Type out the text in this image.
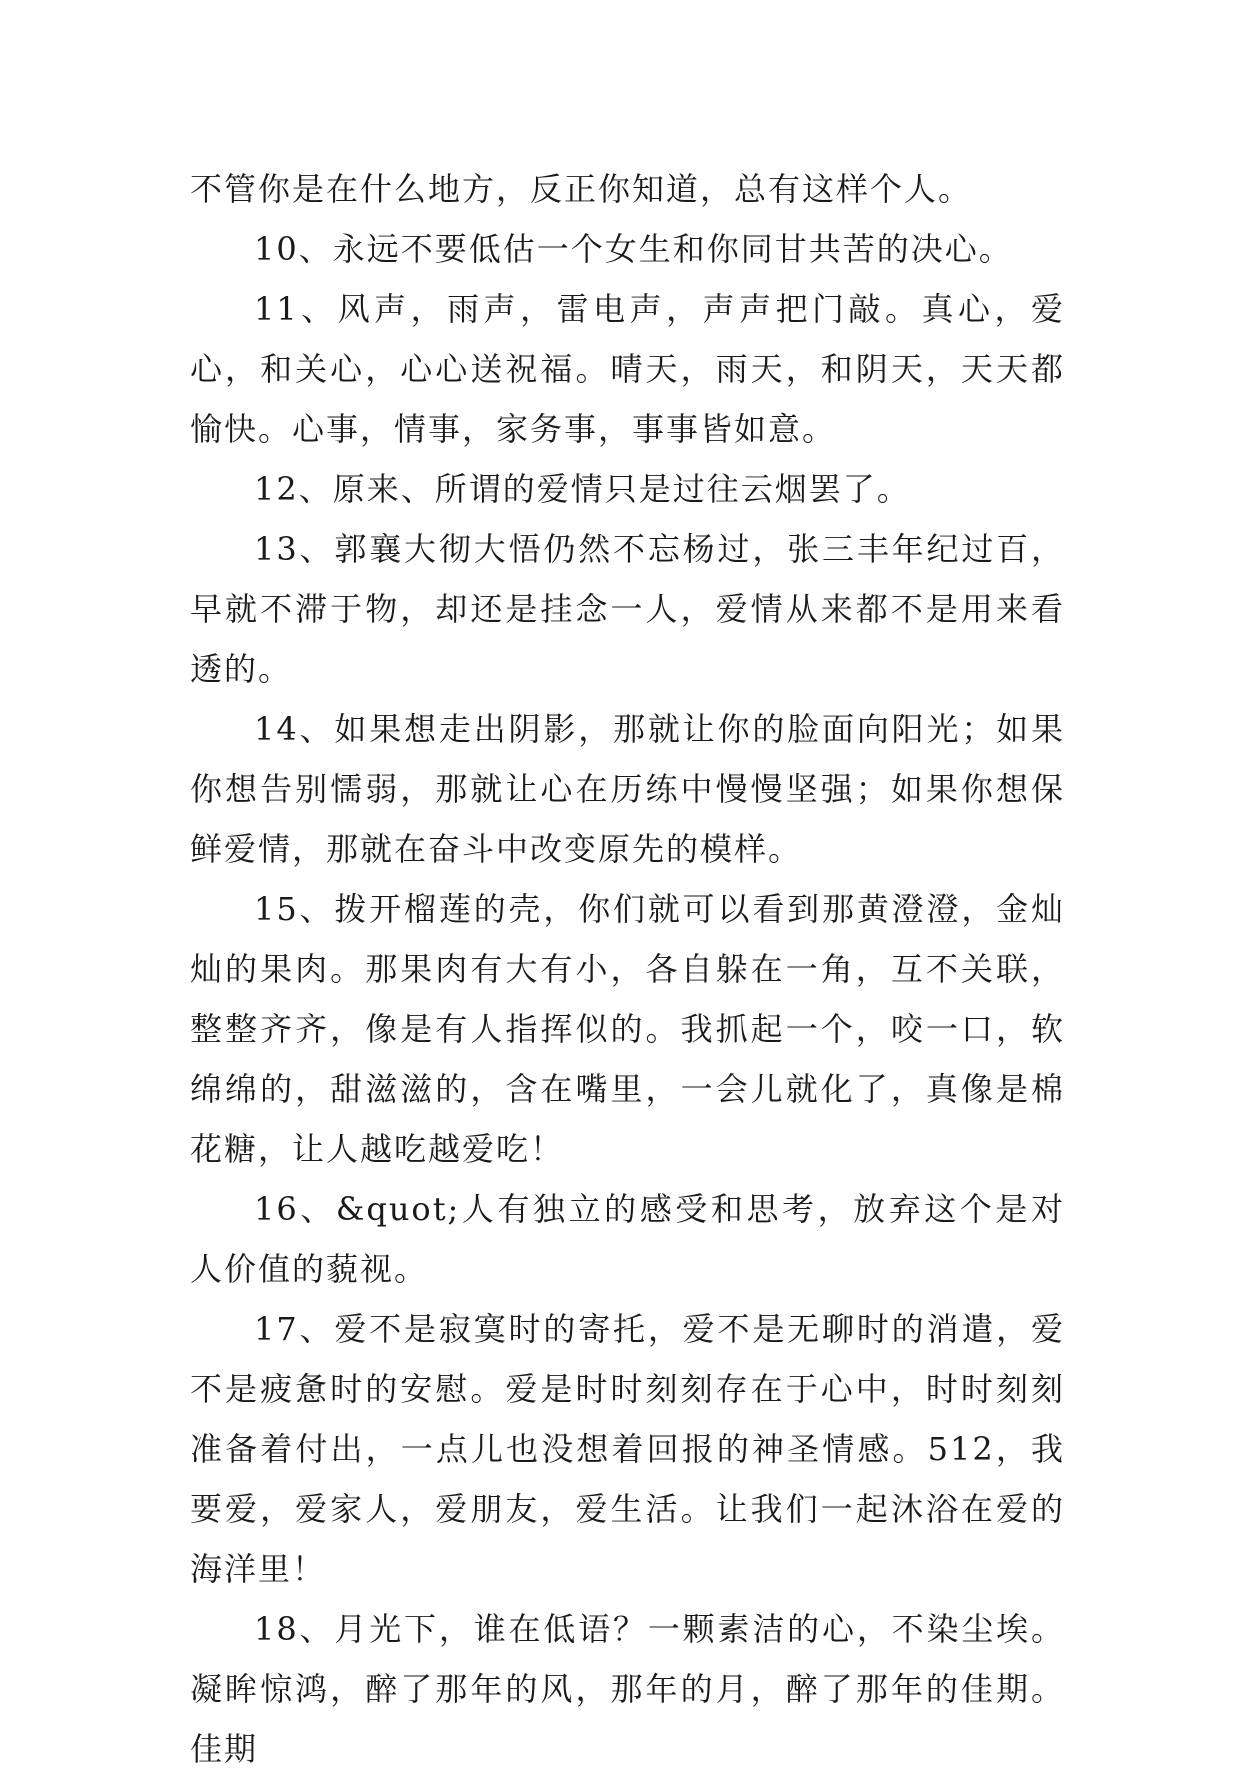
不管你是在什么地方，反正你知道，总有这样个人。

10、永远不要低估一个女生和你同甘共苦的决心。

11、风声，雨声，雷电声，声声把门敲。真心，爱心，和关心，心心送祝福。晴天，雨天，和阴天，天天都愉快。心事，情事，家务事，事事皆如意。

12、原来、所谓的爱情只是过往云烟罢了。

13、郭襄大彻大悟仍然不忘杨过，张三丰年纪过百，早就不滞于物，却还是挂念一人，爱情从来都不是用来看透的。

14、如果想走出阴影，那就让你的脸面向阳光；如果你想告别懦弱，那就让心在历练中慢慢坚强；如果你想保鲜爱情，那就在奋斗中改变原先的模样。

15、拨开榴莲的壳，你们就可以看到那黄澄澄，金灿灿的果肉。那果肉有大有小，各自躲在一角，互不关联，整整齐齐，像是有人指挥似的。我抓起一个，咬一口，软绵绵的，甜滋滋的，含在嘴里，一会儿就化了，真像是棉花糖，让人越吃越爱吃！

16、&quot;人有独立的感受和思考，放弃这个是对人价值的藐视。

17、爱不是寂寞时的寄托，爱不是无聊时的消遣，爱不是疲惫时的安慰。爱是时时刻刻存在于心中，时时刻刻准备着付出，一点儿也没想着回报的神圣情感。512，我要爱，爱家人，爱朋友，爱生活。让我们一起沐浴在爱的海洋里！

18、月光下，谁在低语？一颗素洁的心，不染尘埃。凝眸惊鸿，醉了那年的风，那年的月，醉了那年的佳期。佳期
